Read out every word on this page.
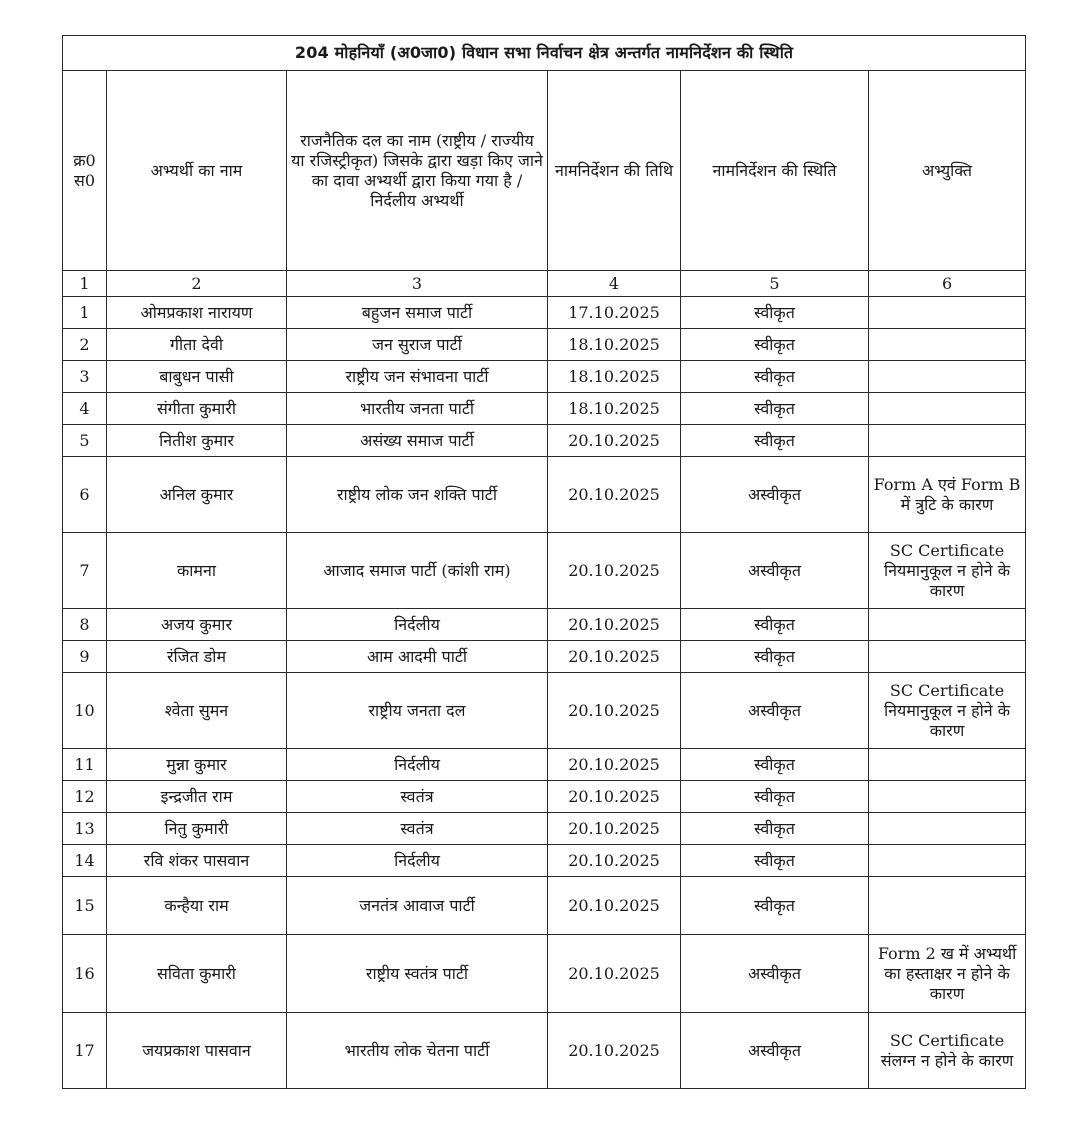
204 मोहनियाँ (अ0जा0) विधान सभा निर्वाचन क्षेत्र अन्तर्गत नामनिर्देशन की स्थिति					
क्र0 स0	अभ्यर्थी का नाम	राजनैतिक दल का नाम (राष्ट्रीय / राज्यीय या रजिस्ट्रीकृत) जिसके द्वारा खड़ा किए जाने का दावा अभ्यर्थी द्वारा किया गया है / निर्दलीय अभ्यर्थी	नामनिर्देशन की तिथि	नामनिर्देशन की स्थिति	अभ्युक्ति
1	2	3	4	5	6
1	ओमप्रकाश नारायण	बहुजन समाज पार्टी	17.10.2025	स्वीकृत	
2	गीता देवी	जन सुराज पार्टी	18.10.2025	स्वीकृत	
3	बाबुधन पासी	राष्ट्रीय जन संभावना पार्टी	18.10.2025	स्वीकृत	
4	संगीता कुमारी	भारतीय जनता पार्टी	18.10.2025	स्वीकृत	
5	नितीश कुमार	असंख्य समाज पार्टी	20.10.2025	स्वीकृत	
6	अनिल कुमार	राष्ट्रीय लोक जन शक्ति पार्टी	20.10.2025	अस्वीकृत	Form A एवं Form B में त्रुटि के कारण
7	कामना	आजाद समाज पार्टी (कांशी राम)	20.10.2025	अस्वीकृत	SC Certificate नियमानुकूल न होने के कारण
8	अजय कुमार	निर्दलीय	20.10.2025	स्वीकृत	
9	रंजित डोम	आम आदमी पार्टी	20.10.2025	स्वीकृत	
10	श्वेता सुमन	राष्ट्रीय जनता दल	20.10.2025	अस्वीकृत	SC Certificate नियमानुकूल न होने के कारण
11	मुन्ना कुमार	निर्दलीय	20.10.2025	स्वीकृत	
12	इन्द्रजीत राम	स्वतंत्र	20.10.2025	स्वीकृत	
13	नितु कुमारी	स्वतंत्र	20.10.2025	स्वीकृत	
14	रवि शंकर पासवान	निर्दलीय	20.10.2025	स्वीकृत	
15	कन्हैया राम	जनतंत्र आवाज पार्टी	20.10.2025	स्वीकृत	
16	सविता कुमारी	राष्ट्रीय स्वतंत्र पार्टी	20.10.2025	अस्वीकृत	Form 2 ख में अभ्यर्थी का हस्ताक्षर न होने के कारण
17	जयप्रकाश पासवान	भारतीय लोक चेतना पार्टी	20.10.2025	अस्वीकृत	SC Certificate संलग्न न होने के कारण
